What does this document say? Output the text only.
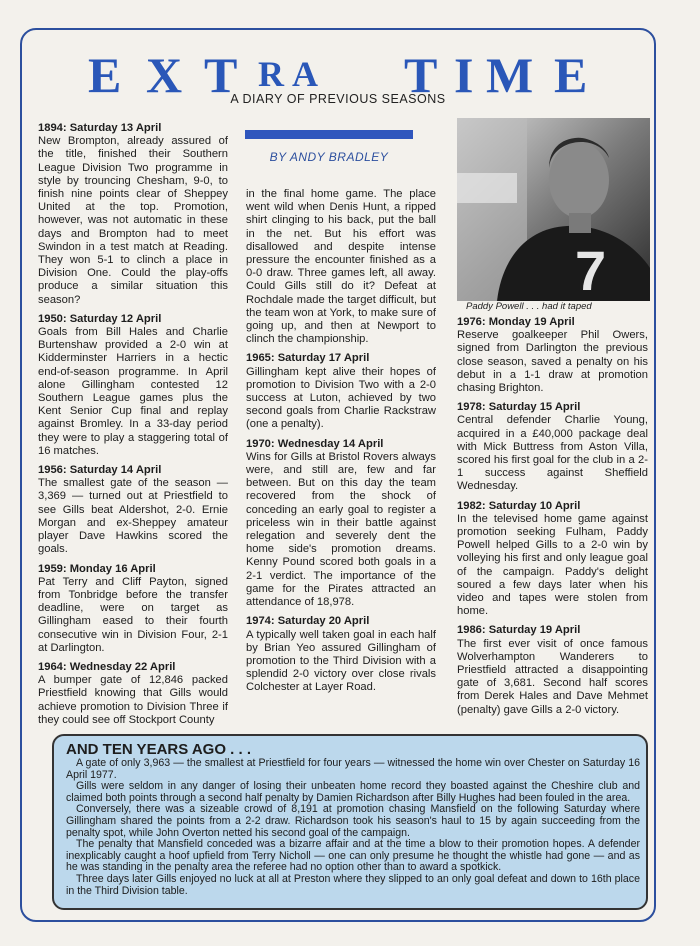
E X T R A T I M E
A DIARY OF PREVIOUS SEASONS
1894: Saturday 13 April

New Brompton, already assured of the title, finished their Southern League Division Two programme in style by trouncing Chesham, 9-0, to finish nine points clear of Sheppey United at the top. Promotion, however, was not automatic in these days and Brompton had to meet Swindon in a test match at Reading. They won 5-1 to clinch a place in Division One. Could the play-offs produce a similar situation this season?

1950: Saturday 12 April

Goals from Bill Hales and Charlie Burtenshaw provided a 2-0 win at Kidderminster Harriers in a hectic end-of-season programme. In April alone Gillingham contested 12 Southern League games plus the Kent Senior Cup final and replay against Bromley. In a 33-day period they were to play a staggering total of 16 matches.

1956: Saturday 14 April

The smallest gate of the season — 3,369 — turned out at Priestfield to see Gills beat Aldershot, 2-0. Ernie Morgan and ex-Sheppey amateur player Dave Hawkins scored the goals.

1959: Monday 16 April

Pat Terry and Cliff Payton, signed from Tonbridge before the transfer deadline, were on target as Gillingham eased to their fourth consecutive win in Division Four, 2-1 at Darlington.

1964: Wednesday 22 April

A bumper gate of 12,846 packed Priestfield knowing that Gills would achieve promotion to Division Three if they could see off Stockport County

BY ANDY BRADLEY

in the final home game. The place went wild when Denis Hunt, a ripped shirt clinging to his back, put the ball in the net. But his effort was disallowed and despite intense pressure the encounter finished as a 0-0 draw. Three games left, all away. Could Gills still do it? Defeat at Rochdale made the target difficult, but the team won at York, to make sure of going up, and then at Newport to clinch the championship.

1965: Saturday 17 April

Gillingham kept alive their hopes of promotion to Division Two with a 2-0 success at Luton, achieved by two second goals from Charlie Rackstraw (one a penalty).

1970: Wednesday 14 April

Wins for Gills at Bristol Rovers always were, and still are, few and far between. But on this day the team recovered from the shock of conceding an early goal to register a priceless win in their battle against relegation and severely dent the home side's promotion dreams. Kenny Pound scored both goals in a 2-1 verdict. The importance of the game for the Pirates attracted an attendance of 18,978.

1974: Saturday 20 April

A typically well taken goal in each half by Brian Yeo assured Gillingham of promotion to the Third Division with a splendid 2-0 victory over close rivals Colchester at Layer Road.

7
Paddy Powell . . . had it taped
1976: Monday 19 April

Reserve goalkeeper Phil Owers, signed from Darlington the previous close season, saved a penalty on his debut in a 1-1 draw at promotion chasing Brighton.

1978: Saturday 15 April

Central defender Charlie Young, acquired in a £40,000 package deal with Mick Buttress from Aston Villa, scored his first goal for the club in a 2-1 success against Sheffield Wednesday.

1982: Saturday 10 April

In the televised home game against promotion seeking Fulham, Paddy Powell helped Gills to a 2-0 win by volleying his first and only league goal of the campaign. Paddy's delight soured a few days later when his video and tapes were stolen from home.

1986: Saturday 19 April

The first ever visit of once famous Wolverhampton Wanderers to Priestfield attracted a disappointing gate of 3,681. Second half scores from Derek Hales and Dave Mehmet (penalty) gave Gills a 2-0 victory.

AND TEN YEARS AGO . . .

A gate of only 3,963 — the smallest at Priestfield for four years — witnessed the home win over Chester on Saturday 16 April 1977.

Gills were seldom in any danger of losing their unbeaten home record they boasted against the Cheshire club and claimed both points through a second half penalty by Damien Richardson after Billy Hughes had been fouled in the area.

Conversely, there was a sizeable crowd of 8,191 at promotion chasing Mansfield on the following Saturday where Gillingham shared the points from a 2-2 draw. Richardson took his season's haul to 15 by again succeeding from the penalty spot, while John Overton netted his second goal of the campaign.

The penalty that Mansfield conceded was a bizarre affair and at the time a blow to their promotion hopes. A defender inexplicably caught a hoof upfield from Terry Nicholl — one can only presume he thought the whistle had gone — and as he was standing in the penalty area the referee had no option other than to award a spotkick.

Three days later Gills enjoyed no luck at all at Preston where they slipped to an only goal defeat and down to 16th place in the Third Division table.
